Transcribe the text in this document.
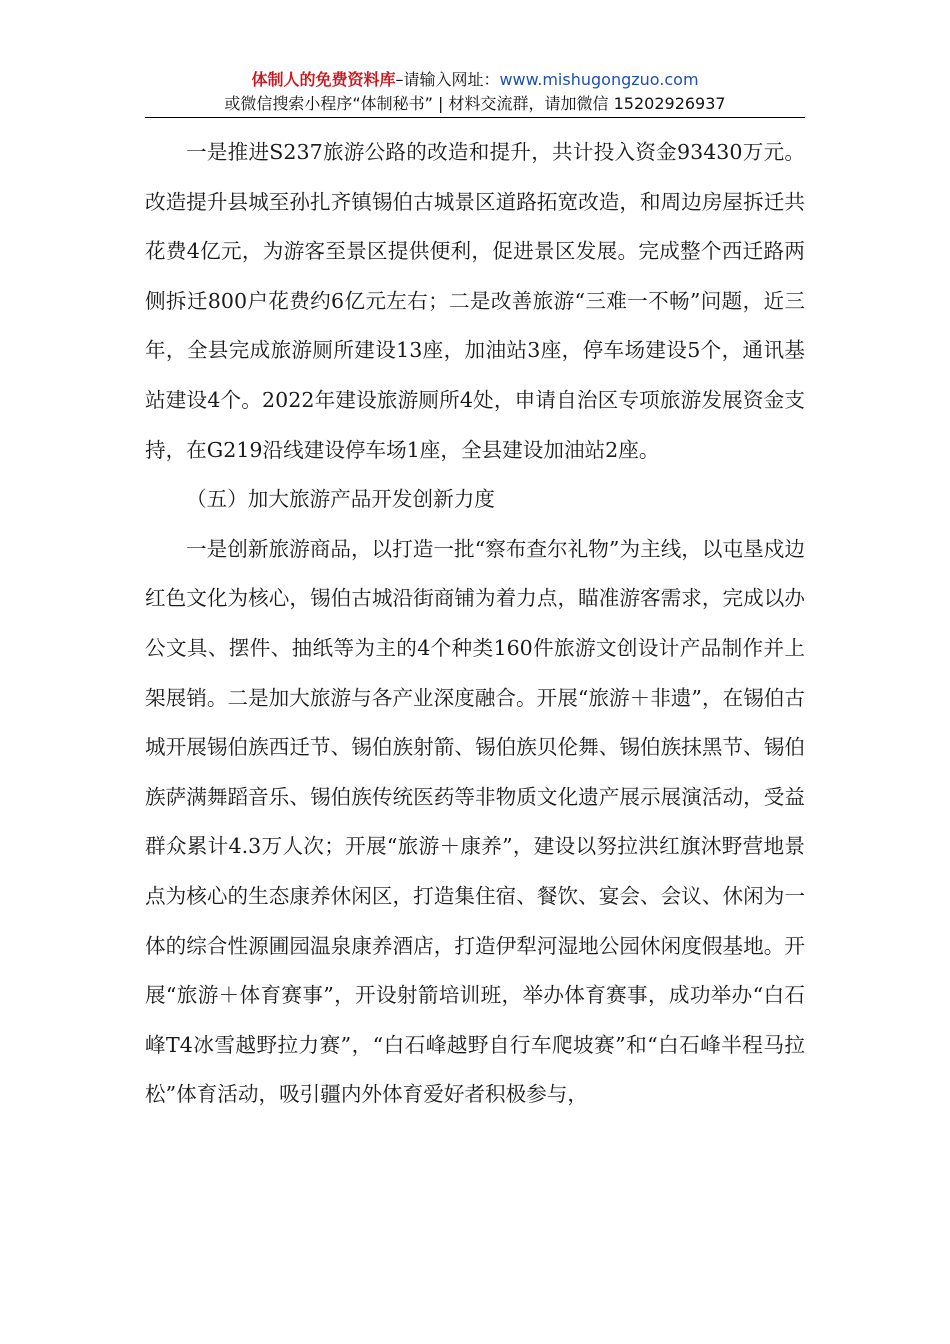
体制人的免费资料库–请输入网址：www.mishugongzuo.com
或微信搜索小程序“体制秘书” | 材料交流群，请加微信 15202926937

一是推进S237旅游公路的改造和提升，共计投入资金93430万元。改造提升县城至孙扎齐镇锡伯古城景区道路拓宽改造，和周边房屋拆迁共花费4亿元，为游客至景区提供便利，促进景区发展。完成整个西迁路两侧拆迁800户花费约6亿元左右；二是改善旅游“三难一不畅”问题，近三年，全县完成旅游厕所建设13座，加油站3座，停车场建设5个，通讯基站建设4个。2022年建设旅游厕所4处，申请自治区专项旅游发展资金支持，在G219沿线建设停车场1座，全县建设加油站2座。

（五）加大旅游产品开发创新力度

一是创新旅游商品，以打造一批“察布查尔礼物”为主线，以屯垦戍边红色文化为核心，锡伯古城沿街商铺为着力点，瞄准游客需求，完成以办公文具、摆件、抽纸等为主的4个种类160件旅游文创设计产品制作并上架展销。二是加大旅游与各产业深度融合。开展“旅游＋非遗”，在锡伯古城开展锡伯族西迁节、锡伯族射箭、锡伯族贝伦舞、锡伯族抹黑节、锡伯族萨满舞蹈音乐、锡伯族传统医药等非物质文化遗产展示展演活动，受益群众累计4.3万人次；开展“旅游＋康养”，建设以努拉洪红旗沐野营地景点为核心的生态康养休闲区，打造集住宿、餐饮、宴会、会议、休闲为一体的综合性源圃园温泉康养酒店，打造伊犁河湿地公园休闲度假基地。开展“旅游＋体育赛事”，开设射箭培训班，举办体育赛事，成功举办“白石峰T4冰雪越野拉力赛”，“白石峰越野自行车爬坡赛”和“白石峰半程马拉松”体育活动，吸引疆内外体育爱好者积极参与，
